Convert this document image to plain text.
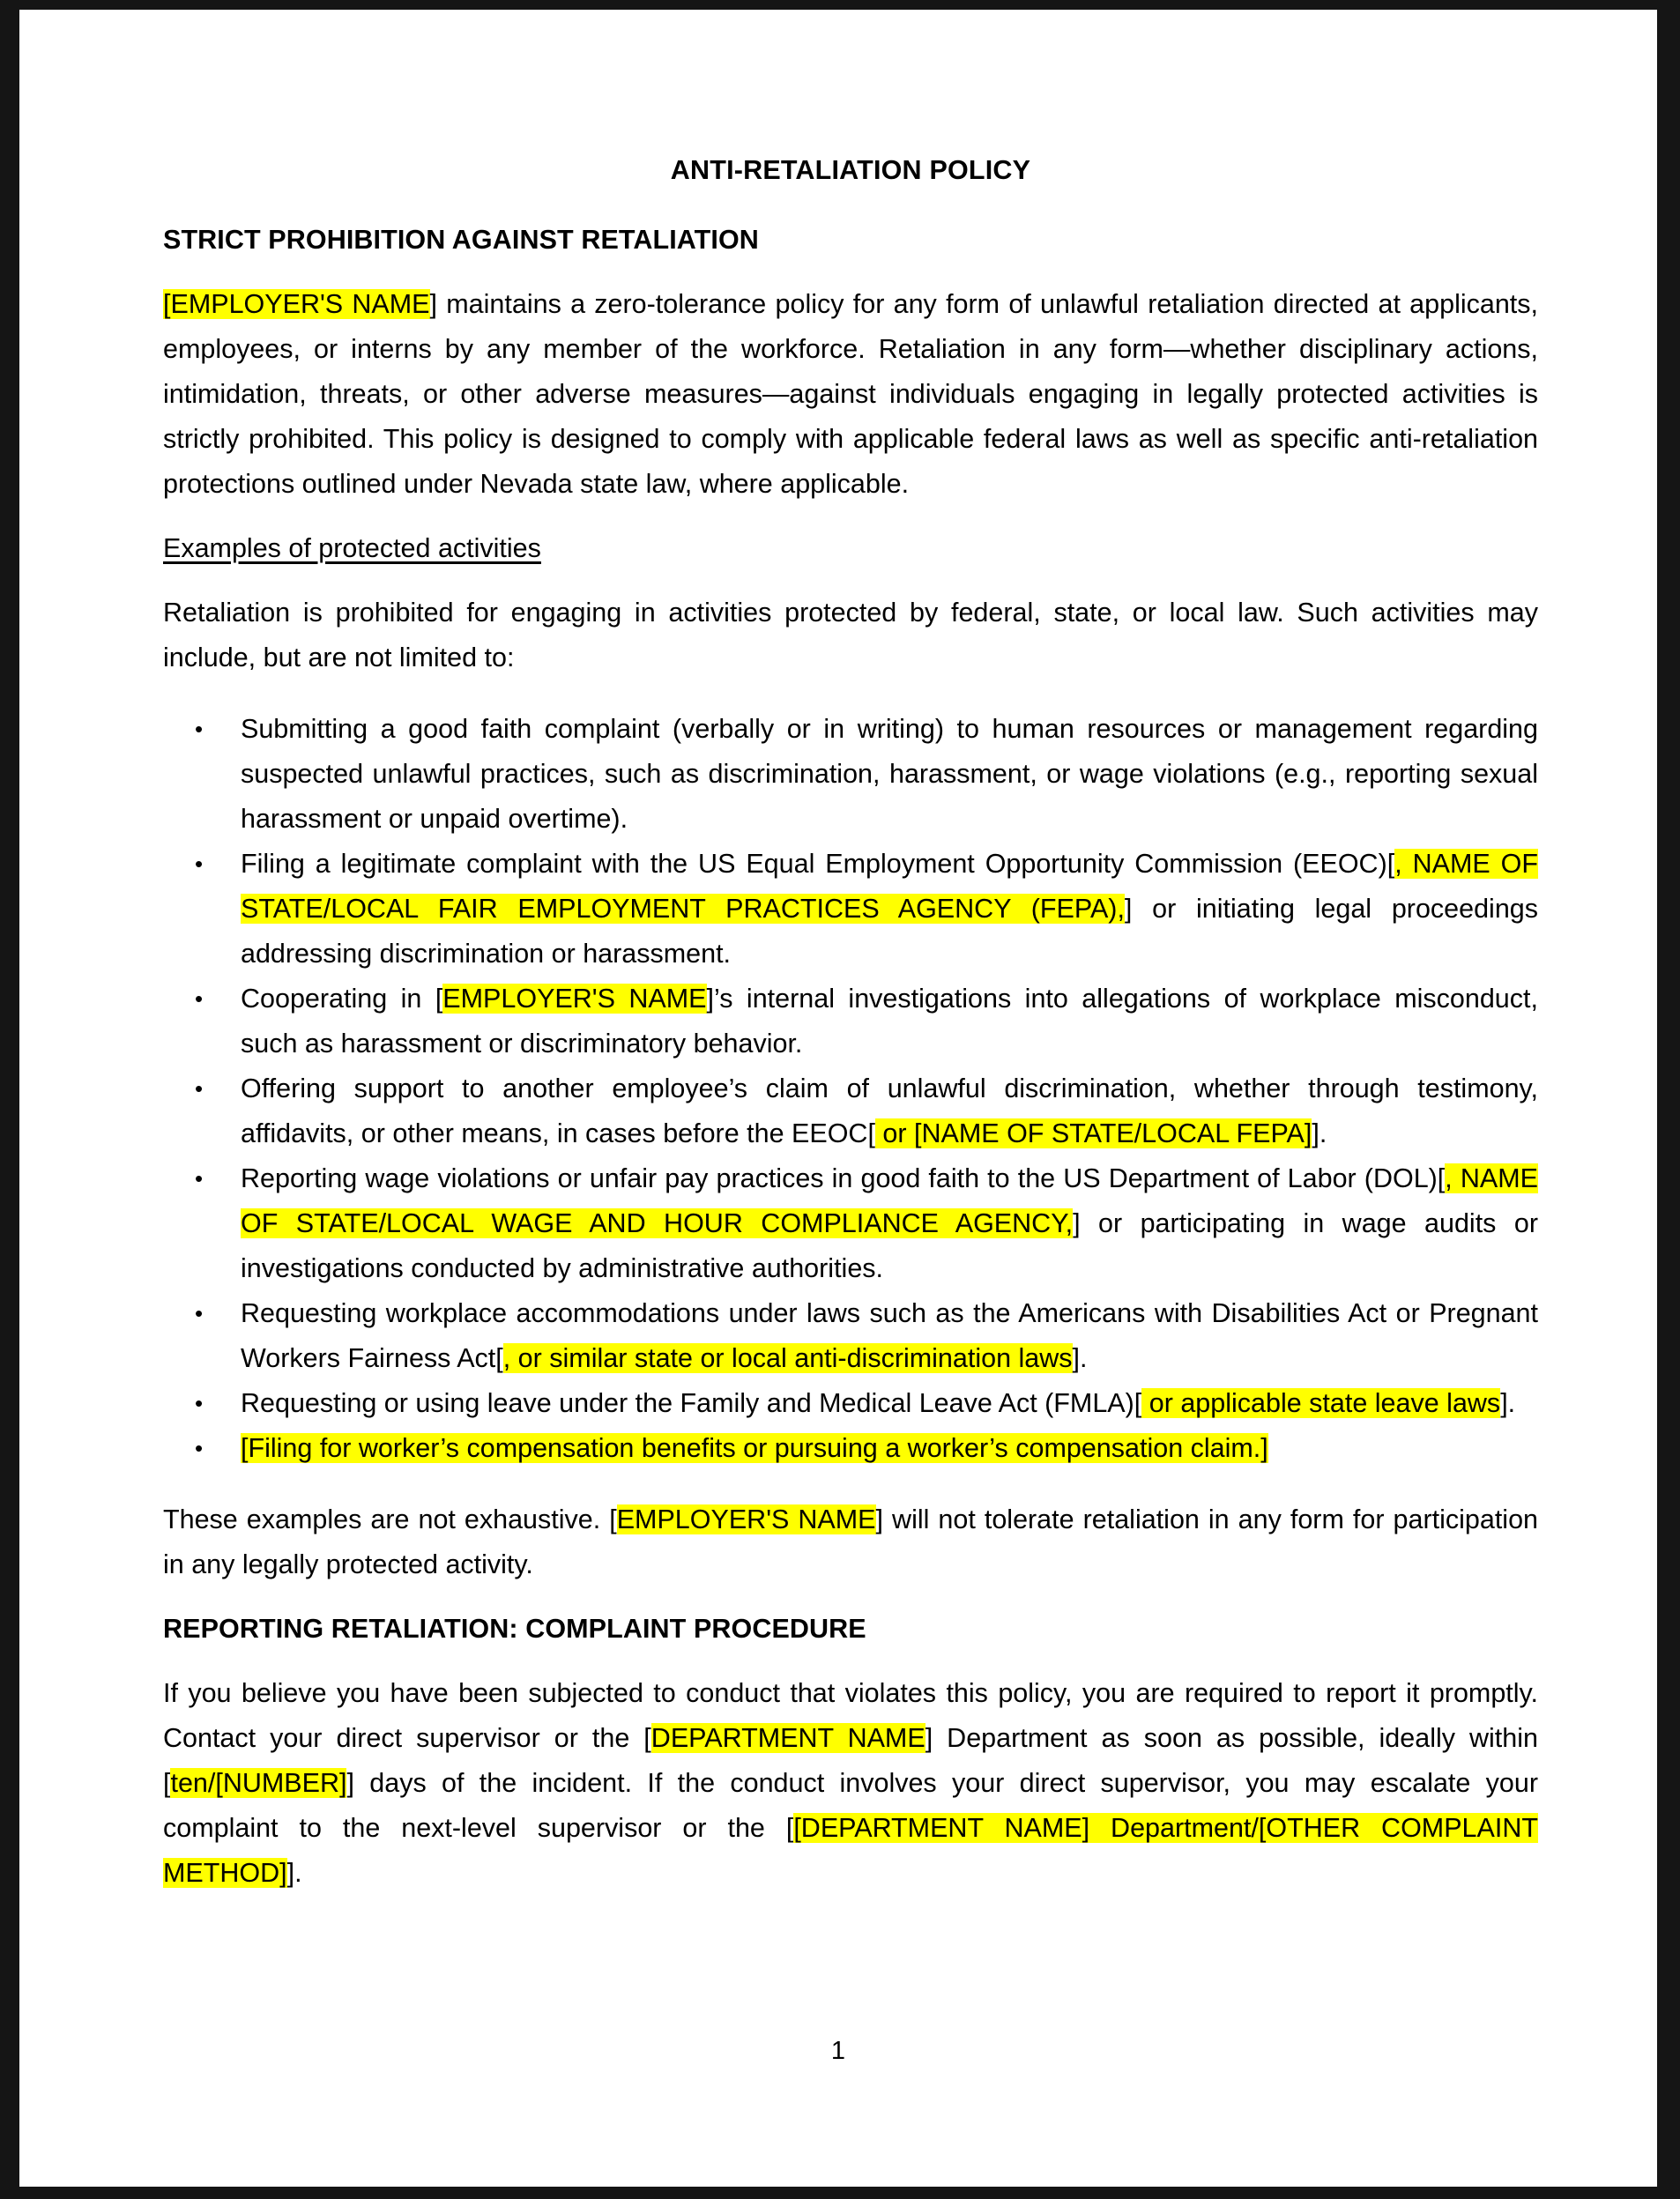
ANTI-RETALIATION POLICY
STRICT PROHIBITION AGAINST RETALIATION

[EMPLOYER'S NAME] maintains a zero-tolerance policy for any form of unlawful retaliation directed at applicants, employees, or interns by any member of the workforce. Retaliation in any form—whether disciplinary actions, intimidation, threats, or other adverse measures—against individuals engaging in legally protected activities is strictly prohibited. This policy is designed to comply with applicable federal laws as well as specific anti-retaliation protections outlined under Nevada state law, where applicable.

Examples of protected activities

Retaliation is prohibited for engaging in activities protected by federal, state, or local law. Such activities may include, but are not limited to:

• Submitting a good faith complaint (verbally or in writing) to human resources or management regarding suspected unlawful practices, such as discrimination, harassment, or wage violations (e.g., reporting sexual harassment or unpaid overtime).
• Filing a legitimate complaint with the US Equal Employment Opportunity Commission (EEOC)[, NAME OF STATE/LOCAL FAIR EMPLOYMENT PRACTICES AGENCY (FEPA),] or initiating legal proceedings addressing discrimination or harassment.
• Cooperating in [EMPLOYER'S NAME]’s internal investigations into allegations of workplace misconduct, such as harassment or discriminatory behavior.
• Offering support to another employee’s claim of unlawful discrimination, whether through testimony, affidavits, or other means, in cases before the EEOC[ or [NAME OF STATE/LOCAL FEPA]].
• Reporting wage violations or unfair pay practices in good faith to the US Department of Labor (DOL)[, NAME OF STATE/LOCAL WAGE AND HOUR COMPLIANCE AGENCY,] or participating in wage audits or investigations conducted by administrative authorities.
• Requesting workplace accommodations under laws such as the Americans with Disabilities Act or Pregnant Workers Fairness Act[, or similar state or local anti-discrimination laws].
• Requesting or using leave under the Family and Medical Leave Act (FMLA)[ or applicable state leave laws].
• [Filing for worker’s compensation benefits or pursuing a worker’s compensation claim.]

These examples are not exhaustive. [EMPLOYER'S NAME] will not tolerate retaliation in any form for participation in any legally protected activity.

REPORTING RETALIATION: COMPLAINT PROCEDURE

If you believe you have been subjected to conduct that violates this policy, you are required to report it promptly. Contact your direct supervisor or the [DEPARTMENT NAME] Department as soon as possible, ideally within [ten/[NUMBER]] days of the incident. If the conduct involves your direct supervisor, you may escalate your complaint to the next-level supervisor or the [[DEPARTMENT NAME] Department/[OTHER COMPLAINT METHOD]].

1
